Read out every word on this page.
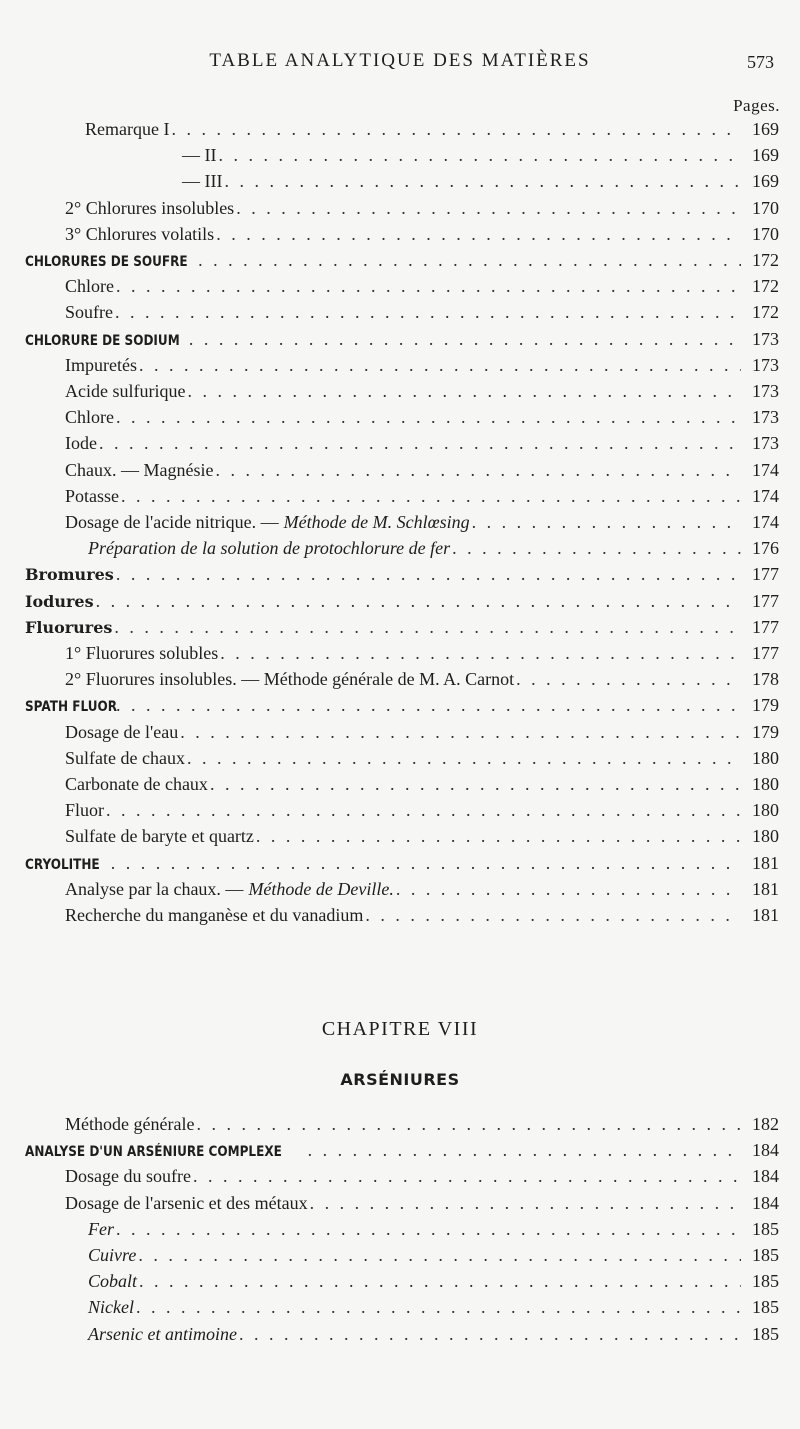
TABLE ANALYTIQUE DES MATIÈRES	573
Pages.
Remarque I . . .	169
— II . . .	169
— III . . .	169
2° Chlorures insolubles . . .	170
3° Chlorures volatils . . .	170
CHLORURES DE SOUFRE . . .	172
Chlore . . .	172
Soufre . . .	172
CHLORURE DE SODIUM . . .	173
Impuretés . . .	173
Acide sulfurique . . .	173
Chlore . . .	173
Iode . . .	173
Chaux. — Magnésie . . .	174
Potasse . . .	174
Dosage de l'acide nitrique. — Méthode de M. Schlœsing . . .	174
Préparation de la solution de protochlorure de fer . . .	176
Bromures . . .	177
Iodures . . .	177
Fluorures . . .	177
1° Fluorures solubles . . .	177
2° Fluorures insolubles. — Méthode générale de M. A. Carnot . . .	178
SPATH FLUOR . . .	179
Dosage de l'eau . . .	179
Sulfate de chaux . . .	180
Carbonate de chaux . . .	180
Fluor . . .	180
Sulfate de baryte et quartz . . .	180
CRYOLITHE . . .	181
Analyse par la chaux. — Méthode de Deville. . . .	181
Recherche du manganèse et du vanadium . . .	181
CHAPITRE VIII
ARSÉNIURES
Méthode générale . . .	182
ANALYSE D'UN ARSÉNIURE COMPLEXE . . .	184
Dosage du soufre . . .	184
Dosage de l'arsenic et des métaux . . .	184
Fer . . .	185
Cuivre . . .	185
Cobalt . . .	185
Nickel . . .	185
Arsenic et antimoine . . .	185
